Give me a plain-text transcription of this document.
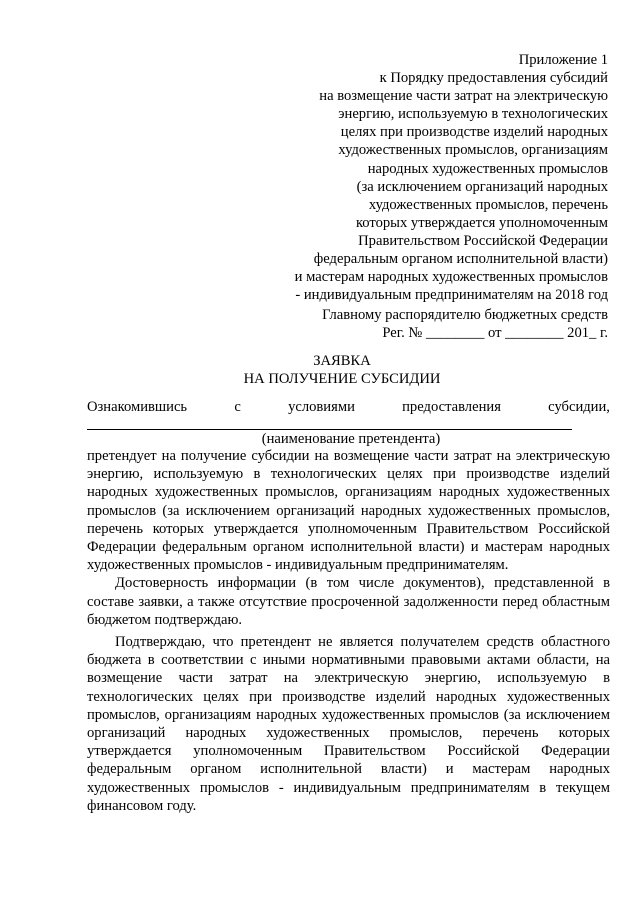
Приложение 1
к Порядку предоставления субсидий
на возмещение части затрат на электрическую
энергию, используемую в технологических
целях при производстве изделий народных
художественных промыслов, организациям
народных художественных промыслов
(за исключением организаций народных
художественных промыслов, перечень
которых утверждается уполномоченным
Правительством Российской Федерации
федеральным органом исполнительной власти)
и мастерам народных художественных промыслов
- индивидуальным предпринимателям на 2018 год
Главному распорядителю бюджетных средств
Рег. № ________ от ________ 201_ г.
ЗАЯВКА
НА ПОЛУЧЕНИЕ СУБСИДИИ
Ознакомившись	с	условиями	предоставления	субсидии,
(наименование претендента)

претендует на получение субсидии на возмещение части затрат на электрическую энергию, используемую в технологических целях при производстве изделий народных художественных промыслов, организациям народных художественных промыслов (за исключением организаций народных художественных промыслов, перечень которых утверждается уполномоченным Правительством Российской Федерации федеральным органом исполнительной власти) и мастерам народных художественных промыслов - индивидуальным предпринимателям.

Достоверность информации (в том числе документов), представленной в составе заявки, а также отсутствие просроченной задолженности перед областным бюджетом подтверждаю.

Подтверждаю, что претендент не является получателем средств областного бюджета в соответствии с иными нормативными правовыми актами области, на возмещение части затрат на электрическую энергию, используемую в технологических целях при производстве изделий народных художественных промыслов, организациям народных художественных промыслов (за исключением организаций народных художественных промыслов, перечень которых утверждается уполномоченным Правительством Российской Федерации федеральным органом исполнительной власти) и мастерам народных художественных промыслов - индивидуальным предпринимателям в текущем финансовом году.
